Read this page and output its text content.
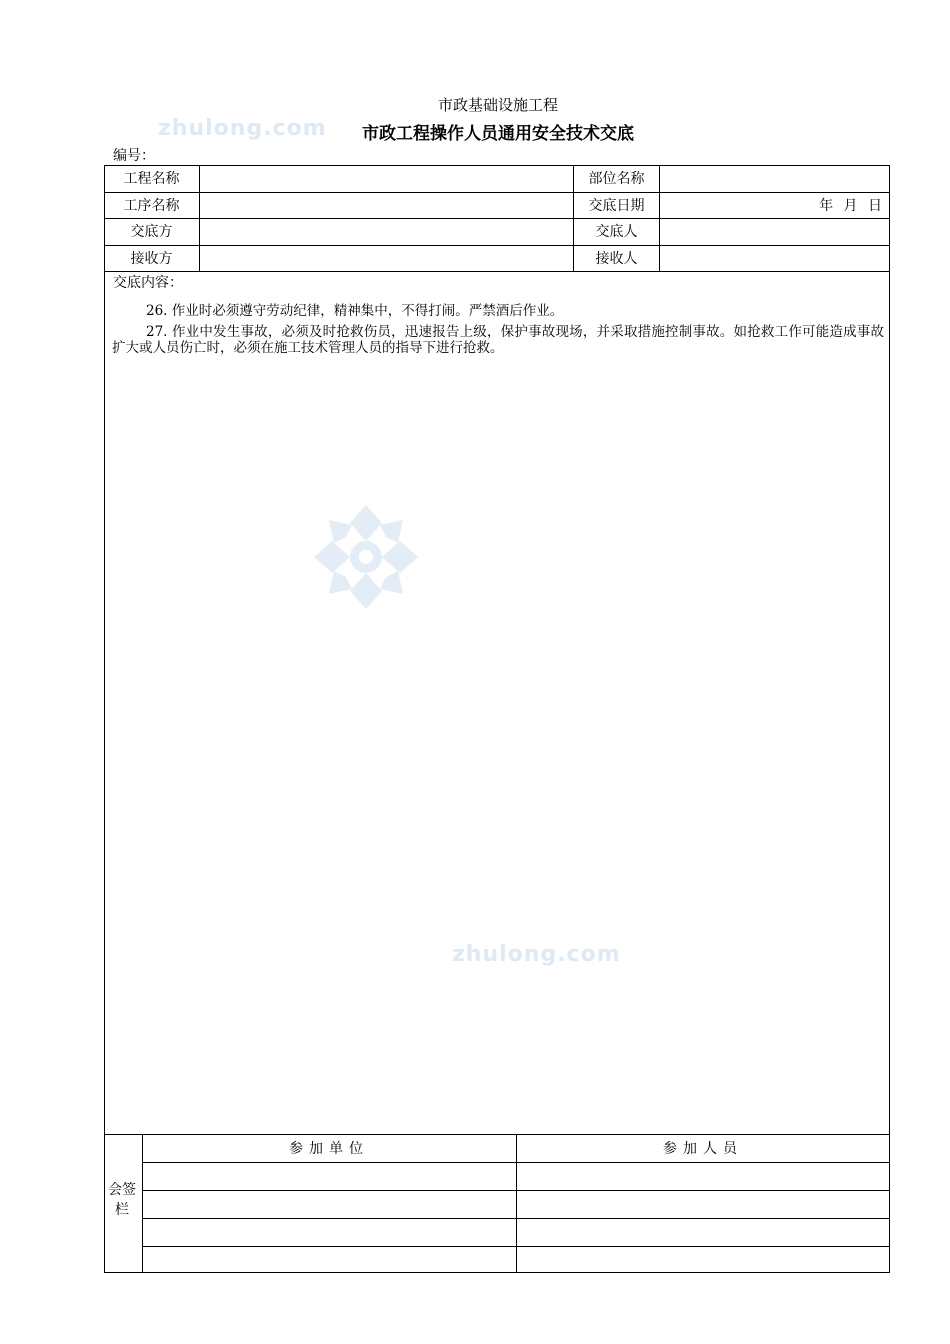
zhulong.com
zhulong.com
市政基础设施工程
市政工程操作人员通用安全技术交底
编号：
工程名称	部位名称
工序名称	交底日期	年 月 日
交底方	交底人
接收方	接收人
交底内容：
26. 作业时必须遵守劳动纪律，精神集中，不得打闹。严禁酒后作业。
27. 作业中发生事故，必须及时抢救伤员，迅速报告上级，保护事故现场，并采取措施控制事故。如抢救工作可能造成事故扩大或人员伤亡时，必须在施工技术管理人员的指导下进行抢救。
会签栏
参加单位	参加人员
